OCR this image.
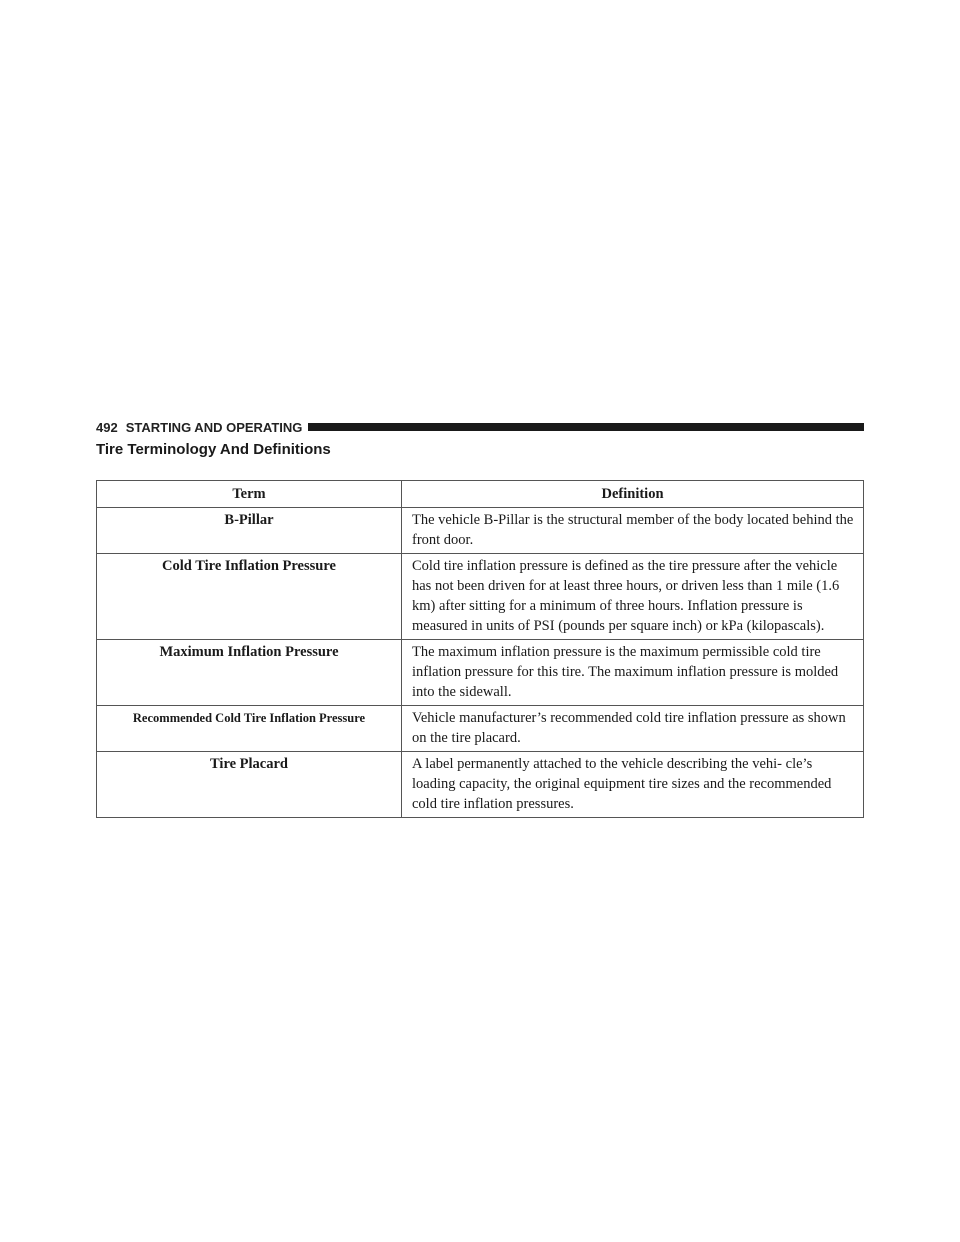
492 STARTING AND OPERATING
Tire Terminology And Definitions
Term	Definition
B-Pillar	The vehicle B-Pillar is the structural member of the body located behind the front door.
Cold Tire Inflation Pressure	Cold tire inflation pressure is defined as the tire pressure after the vehicle has not been driven for at least three hours, or driven less than 1 mile (1.6 km) after sitting for a minimum of three hours. Inflation pressure is measured in units of PSI (pounds per square inch) or kPa (kilopascals).
Maximum Inflation Pressure	The maximum inflation pressure is the maximum permissible cold tire inflation pressure for this tire. The maximum inflation pressure is molded into the sidewall.
Recommended Cold Tire Inflation Pressure	Vehicle manufacturer’s recommended cold tire inflation pressure as shown on the tire placard.
Tire Placard	A label permanently attached to the vehicle describing the vehi- cle’s loading capacity, the original equipment tire sizes and the recommended cold tire inflation pressures.
